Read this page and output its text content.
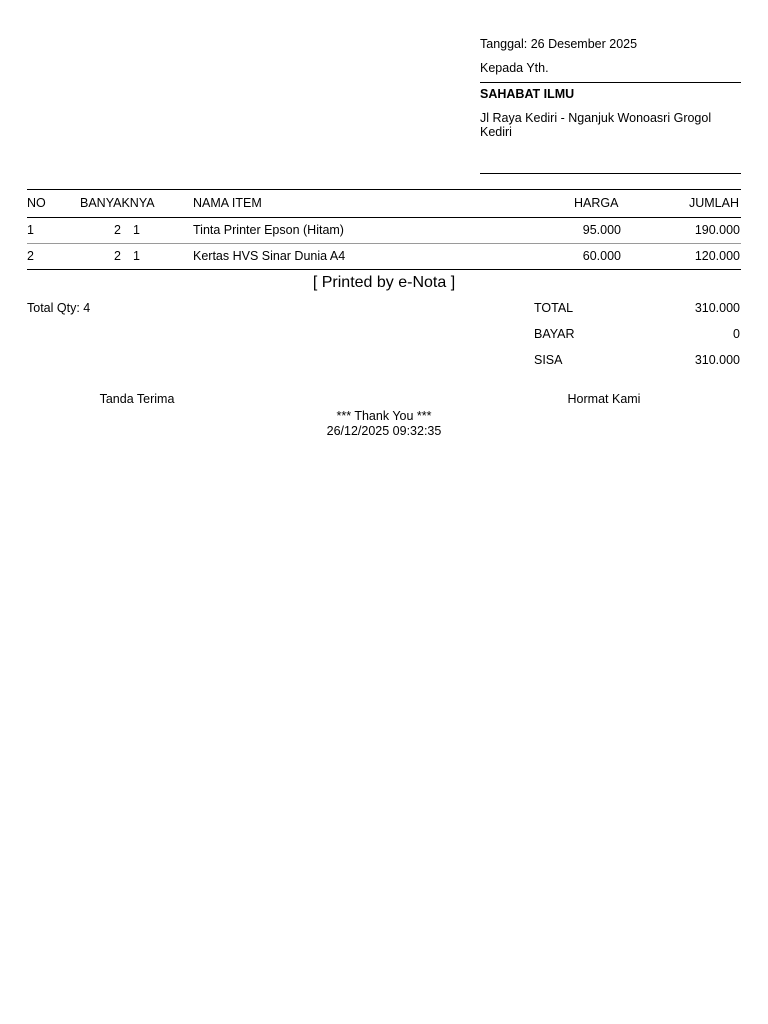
Tanggal: 26 Desember 2025
Kepada Yth.
SAHABAT ILMU
Jl Raya Kediri - Nganjuk Wonoasri Grogol Kediri
NO	BANYAKNYA	NAMA ITEM	HARGA	JUMLAH
1	2 1	Tinta Printer Epson (Hitam)	95.000	190.000
2	2 1	Kertas HVS Sinar Dunia A4	60.000	120.000
[ Printed by e-Nota ]
Total Qty: 4	TOTAL	310.000
BAYAR	0
SISA	310.000
Tanda Terima	Hormat Kami
*** Thank You ***
26/12/2025 09:32:35
